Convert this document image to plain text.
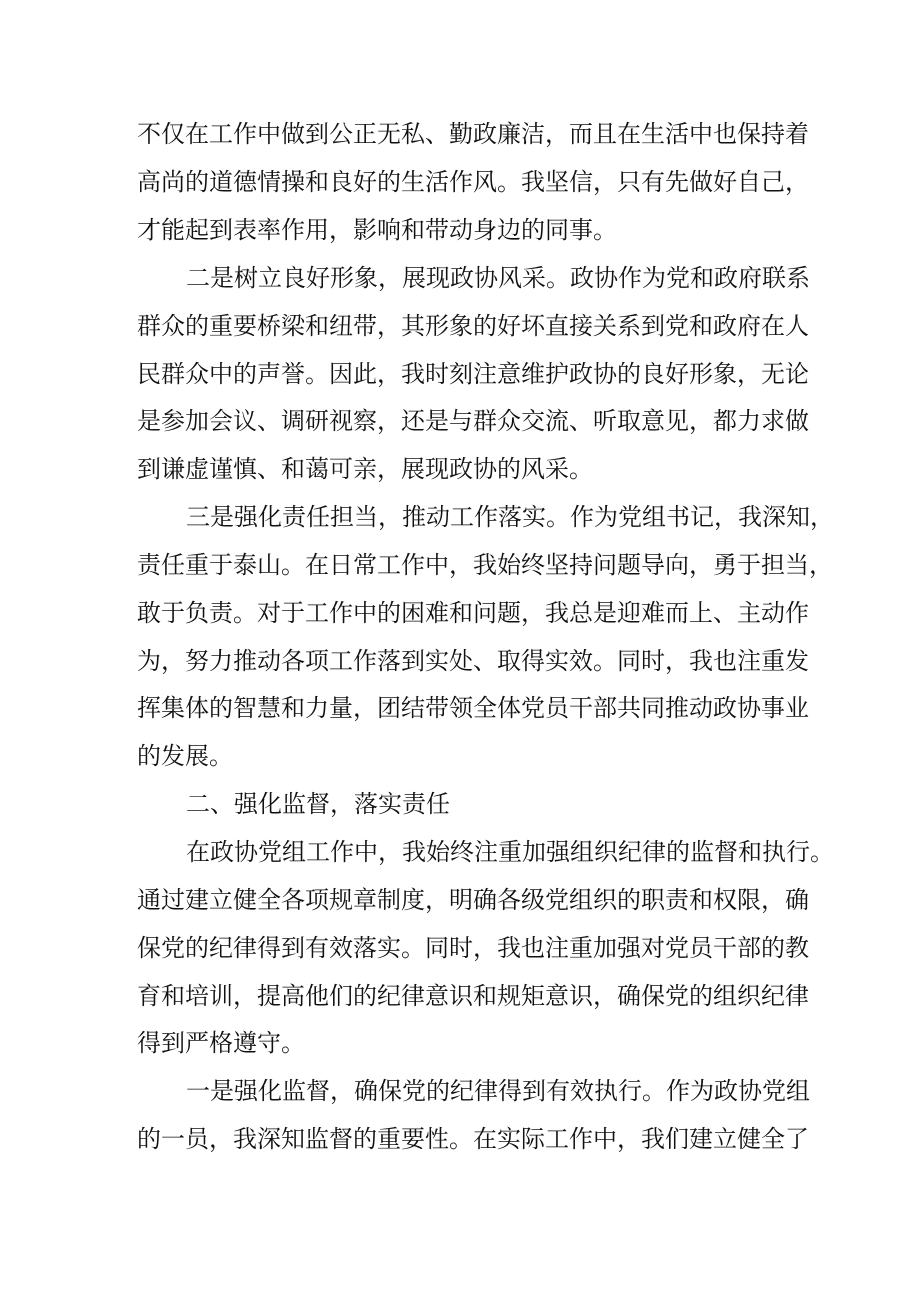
不仅在工作中做到公正无私、勤政廉洁，而且在生活中也保持着
高尚的道德情操和良好的生活作风。我坚信，只有先做好自己，
才能起到表率作用，影响和带动身边的同事。
二是树立良好形象，展现政协风采。政协作为党和政府联系
群众的重要桥梁和纽带，其形象的好坏直接关系到党和政府在人
民群众中的声誉。因此，我时刻注意维护政协的良好形象，无论
是参加会议、调研视察，还是与群众交流、听取意见，都力求做
到谦虚谨慎、和蔼可亲，展现政协的风采。
三是强化责任担当，推动工作落实。作为党组书记，我深知，
责任重于泰山。在日常工作中，我始终坚持问题导向，勇于担当，
敢于负责。对于工作中的困难和问题，我总是迎难而上、主动作
为，努力推动各项工作落到实处、取得实效。同时，我也注重发
挥集体的智慧和力量，团结带领全体党员干部共同推动政协事业
的发展。
二、强化监督，落实责任
在政协党组工作中，我始终注重加强组织纪律的监督和执行。
通过建立健全各项规章制度，明确各级党组织的职责和权限，确
保党的纪律得到有效落实。同时，我也注重加强对党员干部的教
育和培训，提高他们的纪律意识和规矩意识，确保党的组织纪律
得到严格遵守。
一是强化监督，确保党的纪律得到有效执行。作为政协党组
的一员，我深知监督的重要性。在实际工作中，我们建立健全了
